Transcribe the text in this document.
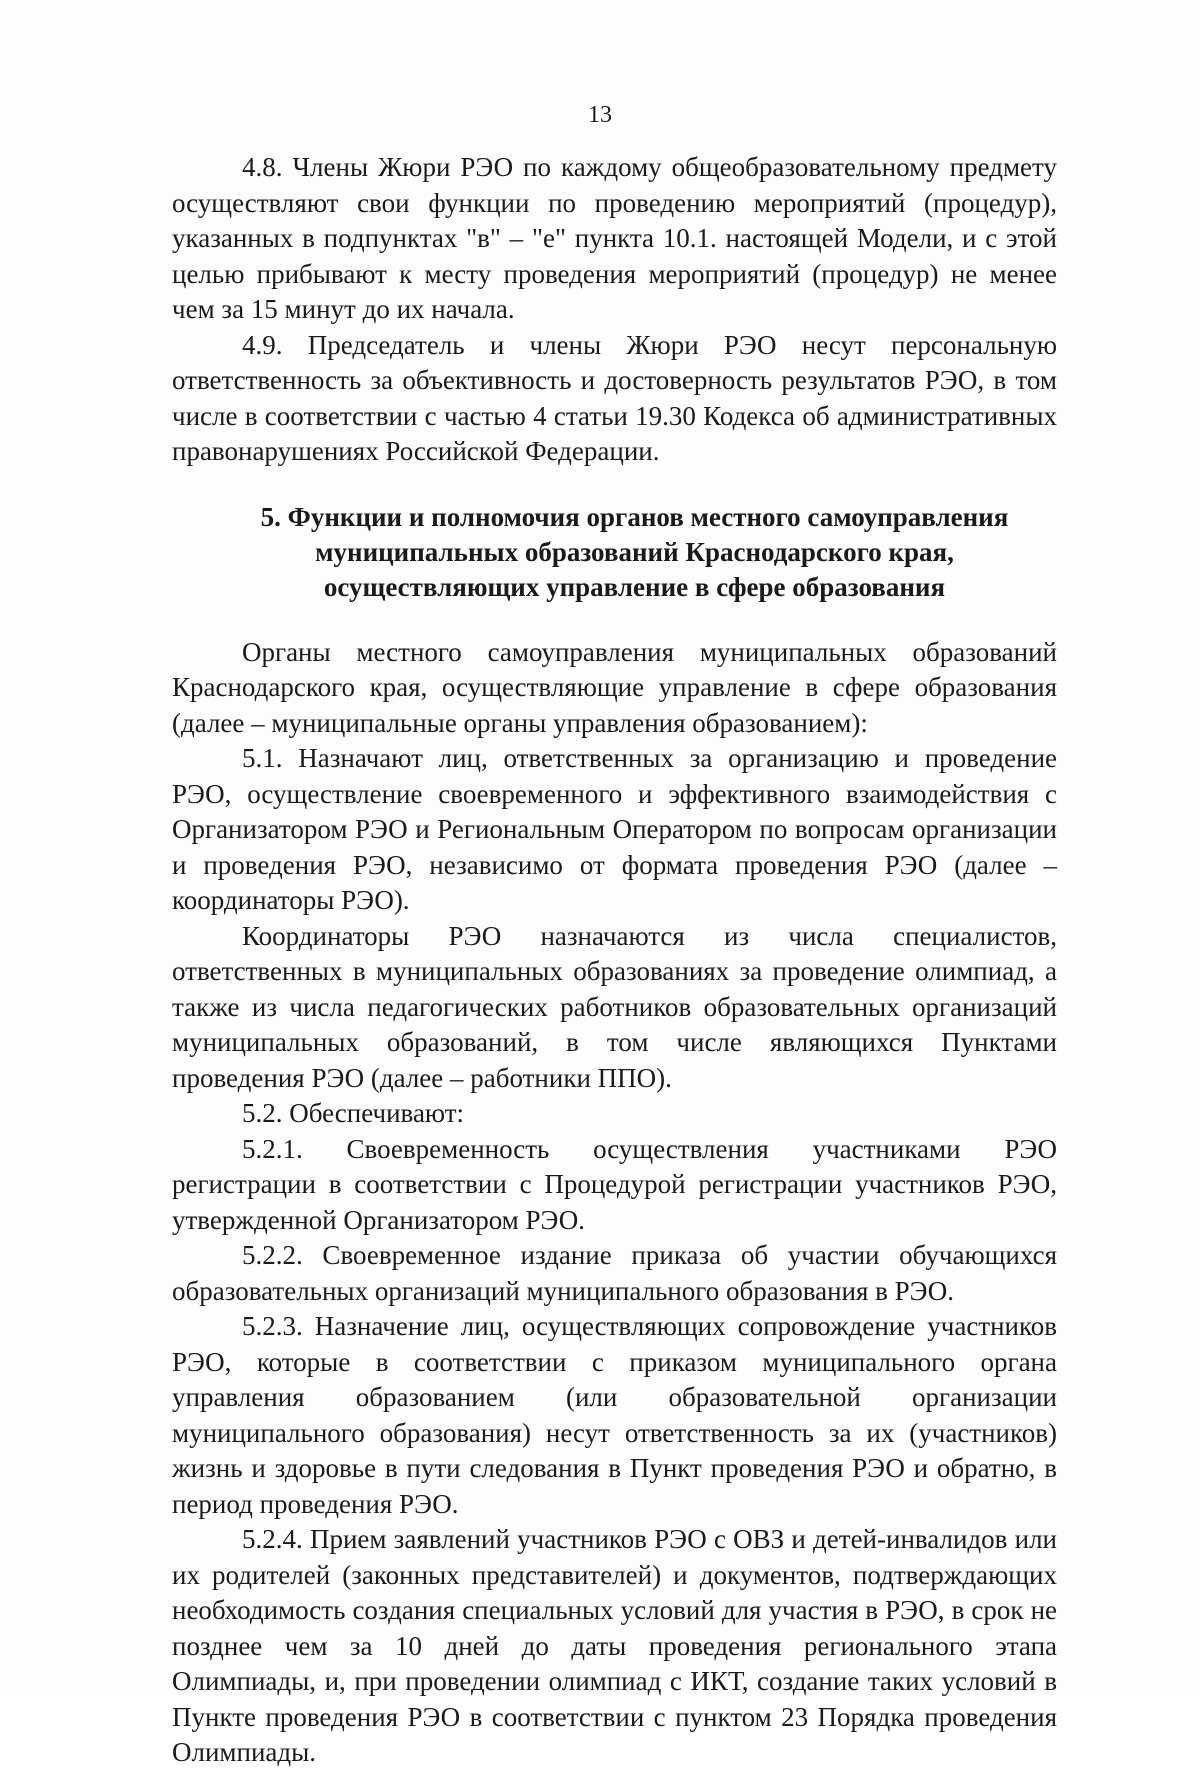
13

4.8. Члены Жюри РЭО по каждому общеобразовательному предмету осуществляют свои функции по проведению мероприятий (процедур), указанных в подпунктах "в" – "е" пункта 10.1. настоящей Модели, и с этой целью прибывают к месту проведения мероприятий (процедур) не менее чем за 15 минут до их начала.

4.9. Председатель и члены Жюри РЭО несут персональную ответственность за объективность и достоверность результатов РЭО, в том числе в соответствии с частью 4 статьи 19.30 Кодекса об административных правонарушениях Российской Федерации.

5. Функции и полномочия органов местного самоуправления
муниципальных образований Краснодарского края,
осуществляющих управление в сфере образования

Органы местного самоуправления муниципальных образований Краснодарского края, осуществляющие управление в сфере образования (далее – муниципальные органы управления образованием):

5.1. Назначают лиц, ответственных за организацию и проведение РЭО, осуществление своевременного и эффективного взаимодействия с Организатором РЭО и Региональным Оператором по вопросам организации и проведения РЭО, независимо от формата проведения РЭО (далее – координаторы РЭО).

Координаторы РЭО назначаются из числа специалистов, ответственных в муниципальных образованиях за проведение олимпиад, а также из числа педагогических работников образовательных организаций муниципальных образований, в том числе являющихся Пунктами проведения РЭО (далее – работники ППО).

5.2. Обеспечивают:

5.2.1. Своевременность осуществления участниками РЭО регистрации в соответствии с Процедурой регистрации участников РЭО, утвержденной Организатором РЭО.

5.2.2. Своевременное издание приказа об участии обучающихся образовательных организаций муниципального образования в РЭО.

5.2.3. Назначение лиц, осуществляющих сопровождение участников РЭО, которые в соответствии с приказом муниципального органа управления образованием (или образовательной организации муниципального образования) несут ответственность за их (участников) жизнь и здоровье в пути следования в Пункт проведения РЭО и обратно, в период проведения РЭО.

5.2.4. Прием заявлений участников РЭО с ОВЗ и детей-инвалидов или их родителей (законных представителей) и документов, подтверждающих необходимость создания специальных условий для участия в РЭО, в срок не позднее чем за 10 дней до даты проведения регионального этапа Олимпиады, и, при проведении олимпиад с ИКТ, создание таких условий в Пункте проведения РЭО в соответствии с пунктом 23 Порядка проведения Олимпиады.
